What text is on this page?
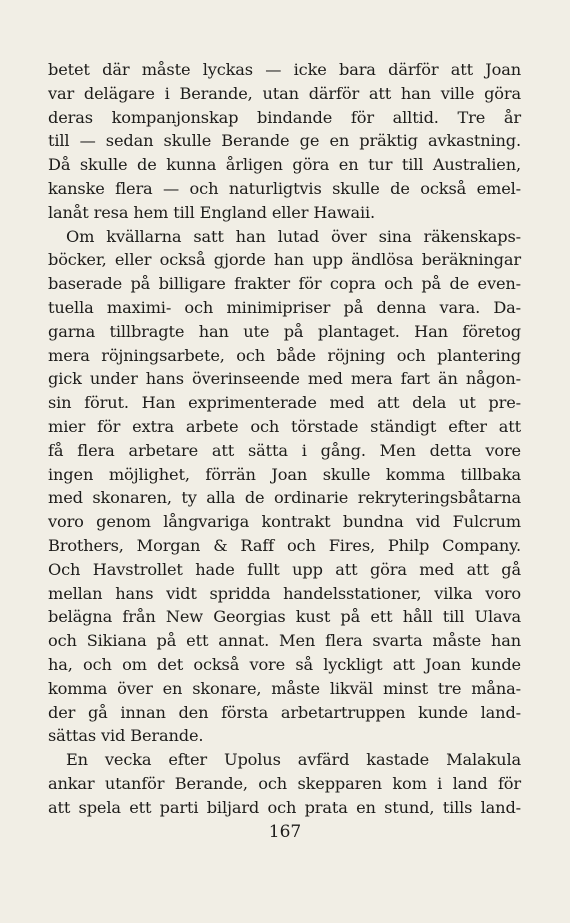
betet där måste lyckas — icke bara därför att Joan
var delägare i Berande, utan därför att han ville göra
deras kompanjonskap bindande för alltid. Tre år
till — sedan skulle Berande ge en präktig avkastning.
Då skulle de kunna årligen göra en tur till Australien,
kanske flera — och naturligtvis skulle de också emel-
lanåt resa hem till England eller Hawaii.
Om kvällarna satt han lutad över sina räkenskaps-
böcker, eller också gjorde han upp ändlösa beräkningar
baserade på billigare frakter för copra och på de even-
tuella maximi- och minimipriser på denna vara. Da-
garna tillbragte han ute på plantaget. Han företog
mera röjningsarbete, och både röjning och plantering
gick under hans överinseende med mera fart än någon-
sin förut. Han exprimenterade med att dela ut pre-
mier för extra arbete och törstade ständigt efter att
få flera arbetare att sätta i gång. Men detta vore
ingen möjlighet, förrän Joan skulle komma tillbaka
med skonaren, ty alla de ordinarie rekryteringsbåtarna
voro genom långvariga kontrakt bundna vid Fulcrum
Brothers, Morgan & Raff och Fires, Philp Company.
Och Havstrollet hade fullt upp att göra med att gå
mellan hans vidt spridda handelsstationer, vilka voro
belägna från New Georgias kust på ett håll till Ulava
och Sikiana på ett annat. Men flera svarta måste han
ha, och om det också vore så lyckligt att Joan kunde
komma över en skonare, måste likväl minst tre måna-
der gå innan den första arbetartruppen kunde land-
sättas vid Berande.
En vecka efter Upolus avfärd kastade Malakula
ankar utanför Berande, och skepparen kom i land för
att spela ett parti biljard och prata en stund, tills land-
167
